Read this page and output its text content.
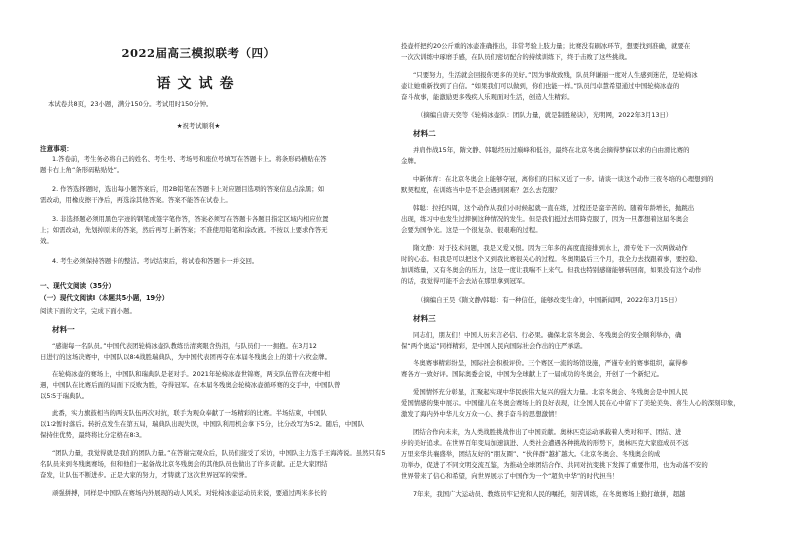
2022届高三模拟联考（四）
语文试卷

本试卷共8页，23小题，满分150分。考试用时150分钟。

★祝考试顺利★

注意事项：

1.答卷前，考生务必将自己的姓名、考生号、考场号和座位号填写在答题卡上。将条形码横贴在答

题卡右上角“条形码粘贴处”。

2. 作答选择题时，选出每小题答案后，用2B铅笔在答题卡上对应题目选项的答案信息点涂黑；如

需改动，用橡皮擦干净后，再选涂其他答案。答案不能答在试卷上。

3. 非选择题必须用黑色字迹的钢笔或签字笔作答，答案必须写在答题卡各题目指定区域内相应位置

上；如需改动，先划掉原来的答案，然后再写上新答案；不准使用铅笔和涂改液。不按以上要求作答无

效。

4. 考生必须保持答题卡的整洁。考试结束后，将试卷和答题卡一并交回。

一、现代文阅读（35分）

（一）现代文阅读Ⅰ（本题共5小题，19分）

阅读下面的文字，完成下面小题。

材料一

“感谢每一名队员。”中国代表团轮椅冰壶队教练岳清爽眼含热泪，与队员们一一拥抱。在3月12

日进行的这场决赛中，中国队以8∶4战胜瑞典队，为中国代表团再夺在本届冬残奥会上的第十六枚金牌。

在轮椅冰壶的赛场上，中国队和瑞典队是老对手。2021年轮椅冰壶世锦赛，两支队伍曾在决赛中相

遇，中国队在比赛后面的局面下反败为胜，夺得冠军。在本届冬残奥会轮椅冰壶循环赛的交手中，中国队曾

以5∶5于瑞典队。

此番，实力旗鼓相当的两支队伍再次对抗，联手为观众奉献了一场精彩的比赛。半场结束，中国队

以1∶2暂时落后。转折点发生在第五局，瑞典队出现失误，中国队利用机会拿下5分，比分改写为5∶2。随后，中国队

保持住优势，最终将比分定格在8∶3。

“团队力量，我觉得就是我们的团队力量。”在答谢完观众后，队员们接受了采访，中国队主力选手王海涛说。虽然只有5

名队员来到冬残奥赛场，但和他们一起备战北京冬残奥会的其他队员也做出了许多贡献。正是大家团结

奋发，让队伍不断进步。正是大家的努力，才铸就了这次世界冠军的荣誉。

顽强拼搏，同样是中国队在赛场内外展现的动人风采。对轮椅冰壶运动员来说，要通过两米多长的

投壶杆把约20公斤重的冰壶准确推出，非常考验上肢力量；比赛没有刷冰环节，想要找到准确，就要在

一次次训练中琢磨手感，在队员们密切配合的持续训练下，终于击败了这些挑战。

“只要努力，生活就会回报你更多的美好。”因为事故致残，队员拜谦丽一度对人生感到迷茫，是轮椅冰

壶让她重新找到了自信。“如果我们可以做到，你们也能一样。”队员闫卓慧希望通过中国轮椅冰壶的

奋斗故事，能激励更多残疾人乐观面对生活，创造人生精彩。

（摘编自唐天奕等《轮椅冰壶队：团队力量，就是制胜秘诀》，光明网，2022年3月13日）

材料二

并肩作战15年，隋文静、韩聪经历过巅峰和低谷，最终在北京冬奥会摘得梦寐以求的自由滑比赛的

金牌。

中新体育：在北京冬奥会上能够夺冠，离你们的目标又近了一步。请谈一谈这个动作三夜冬培的心理想到的

默契程度，在训练当中是不是会遇到困难？怎么去克服？

韩聪：拉托四周，这个动作从我们小时候起就一直在练，过程还是蛮辛苦的。随着年龄增长，抛跳出

出现，练习中也发生过摔倒这种情况的发生。但是我们挺过去用降克服了，因为一旦都想着这届冬奥会

会要为国争光。这是一个很复杂、很艰难的过程。

隋文静：对于技术问题，我是又爱又恨。因为三年多的高度直接排到水上，滑专处下一次两做动作

时的心态。但我是可以把这个又到我比赛很关心的过程。冬奥期最后三个月，我全力去找跟着事，要控稳、

加训练量，又有冬奥会的压力，这是一度让我喘不上来气。但我也特别感谢能够转回南，如果没有这个动作

的话，我觉得可能不会去站在那里拿到冠军。

（摘编自王昊《隋文静/韩聪：有一种信任，能够改变生命》，中国新闻网，2022年3月15日）

材料三

同志们，朋友们！中国人历来言必信、行必果。确保北京冬奥会、冬残奥会的安全顺利举办，确

保“两个奥运”同样精彩，是中国人民向国际社会作出的庄严承诺。

冬奥赛事精彩纷呈，国际社会积极评价。三个赛区一流的场馆设施，严谨专业的赛事组织，赢得参

赛各方一致好评。国际奥委会说，中国为全球献上了一届成功的冬奥会，开创了一个新纪元。

爱国情怀充分彰显，汇聚起实现中华民族伟大复兴的强大力量。北京冬奥会、冬残奥会是中国人民

爱国情感的集中展示。中国健儿在冬奥会赛场上的良好表现，让全国人民在心中留下了美轮美奂、喜生人心的深刻印象，

激发了海内外中华儿女万众一心、携手奋斗的思想激情！

团结合作向未来，为人类战胜挑战作出了中国贡献。奥林匹克运动承载着人类对和平、团结、进

步的美好追求。在世界百年变局加速演进、人类社会遭遇各种挑战的形势下，奥林匹克大家庭成员不远

万里来华共襄盛举，团结友好的“朋友圈”、“伙伴群”越扩越大。《北京冬奥会、冬残奥会的成

功举办，促进了不同文明交流互鉴，为推动全球团结合作、共同对抗变挑下发挥了重要作用，也为动荡不安的

世界带来了信心和希望，向世界展示了中国作为一个“超负中华”的时代担当！

7年来，我国广大运动员、教练员牢记党和人民的嘱托，刻苦训练，在冬奥赛场上勤打敢拼，超越
